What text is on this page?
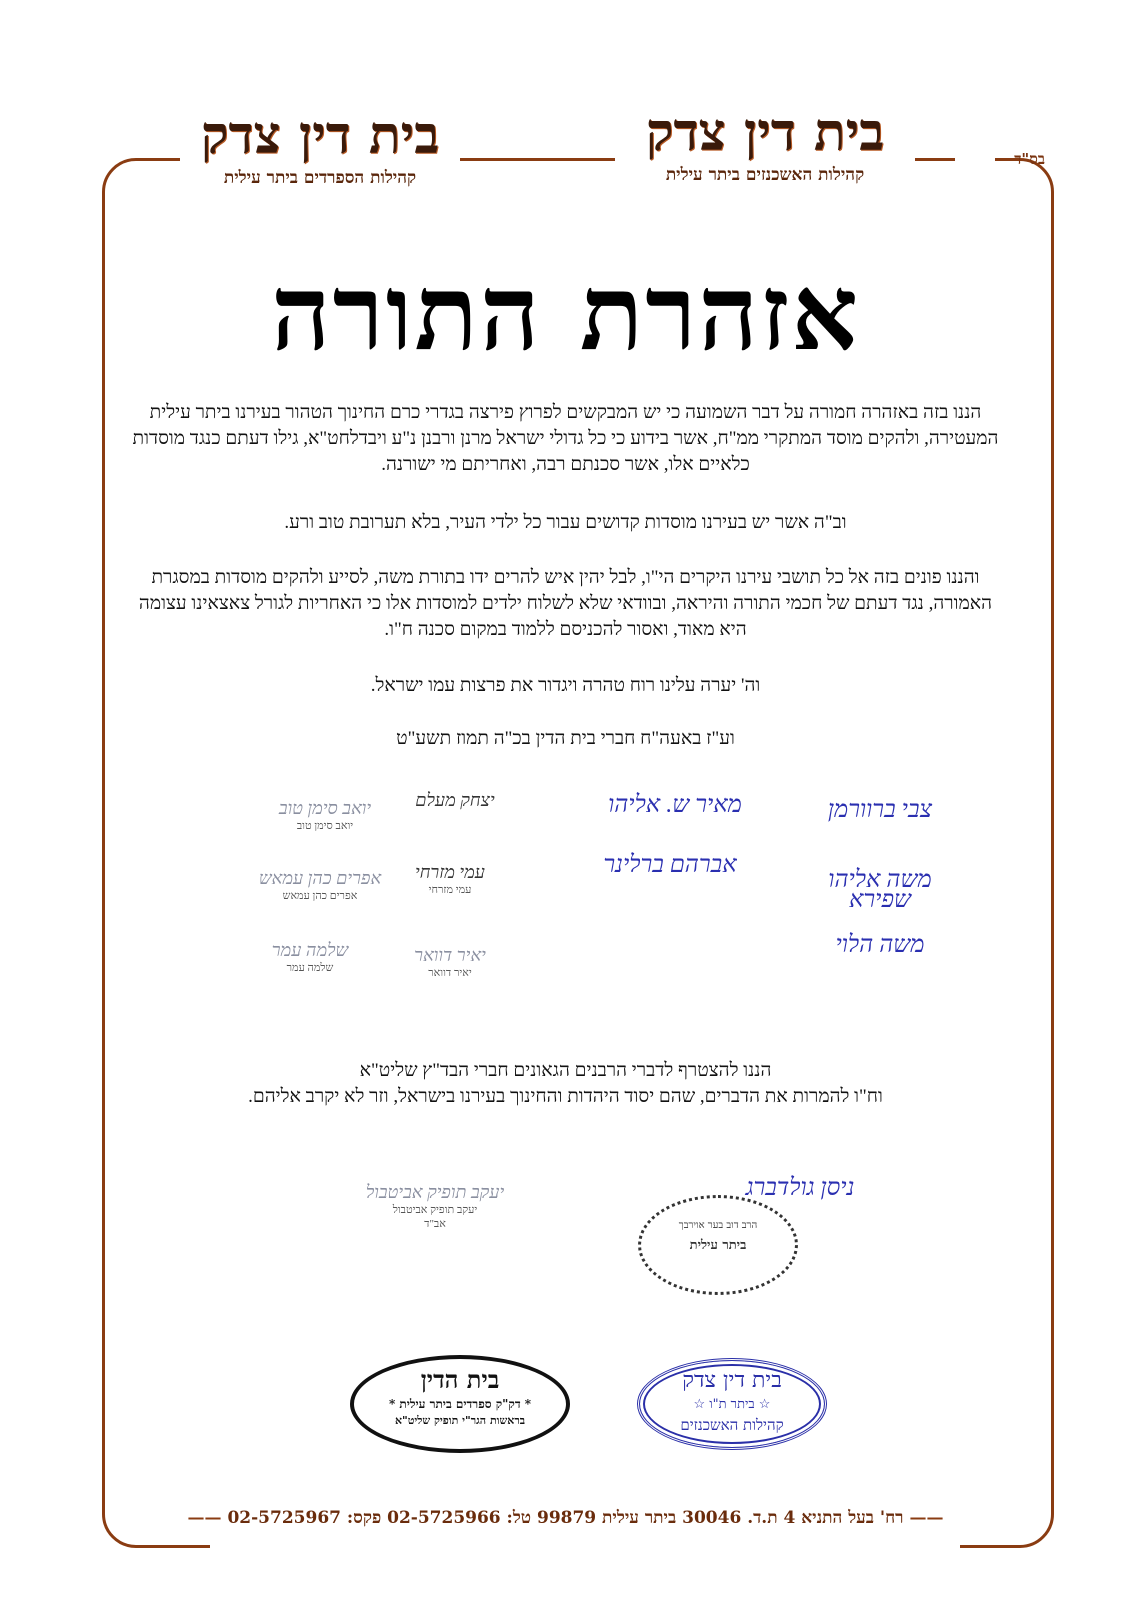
בס"ד
בית דין צדק
קהילות הספרדים ביתר עילית
בית דין צדק
קהילות האשכנזים ביתר עילית
אזהרת התורה

הננו בזה באזהרה חמורה על דבר השמועה כי יש המבקשים לפרוץ פירצה בגדרי כרם החינוך הטהור בעירנו ביתר עילית המעטירה, ולהקים מוסד המתקרי ממ"ח, אשר בידוע כי כל גדולי ישראל מרנן ורבנן נ"ע ויבדלחט"א, גילו דעתם כנגד מוסדות כלאיים אלו, אשר סכנתם רבה, ואחריתם מי ישורנה.

וב"ה אשר יש בעירנו מוסדות קדושים עבור כל ילדי העיר, בלא תערובת טוב ורע.

והננו פונים בזה אל כל תושבי עירנו היקרים הי"ו, לבל יהין איש להרים ידו בתורת משה, לסייע ולהקים מוסדות במסגרת האמורה, נגד דעתם של חכמי התורה והיראה, ובוודאי שלא לשלוח ילדים למוסדות אלו כי האחריות לגורל צאצאינו עצומה היא מאוד, ואסור להכניסם ללמוד במקום סכנה ח"ו.

וה' יערה עלינו רוח טהרה ויגדור את פרצות עמו ישראל.

וע"ז באעה"ח חברי בית הדין בכ"ה תמוז תשע"ט

יצחק מעלם
יואב סימן טוב
יואב סימן טוב
עמי מזרחי
עמי מזרחי
אפרים כהן עמאש
אפרים כהן עמאש
יאיר דוואר
יאיר דוואר
שלמה עמר
שלמה עמר
צבי ברוורמן
מאיר ש. אליהו
משה אליהו שפירא
אברהם ברלינר
משה הלוי

הננו להצטרף לדברי הרבנים הגאונים חברי הבד"ץ שליט"א

וח"ו להמרות את הדברים, שהם יסוד היהדות והחינוך בעירנו בישראל, וזר לא יקרב אליהם.

יעקב תופיק אביטבול
יעקב תופיק אביטבול
אב"ד	הרב דוב בער אוירבך
ביתר עילית
ניסן גולדברג
בית הדין
* דק"ק ספרדים ביתר עילית *
בראשות הגר"י תופיק שליט"א
בית דין צדק
☆ ביתר ת"ו ☆
קהילות האשכנזים
—— רח' בעל התניא 4 ת.ד. 30046 ביתר עילית 99879 טל: 02-5725966 פקס: 02-5725967 ——
